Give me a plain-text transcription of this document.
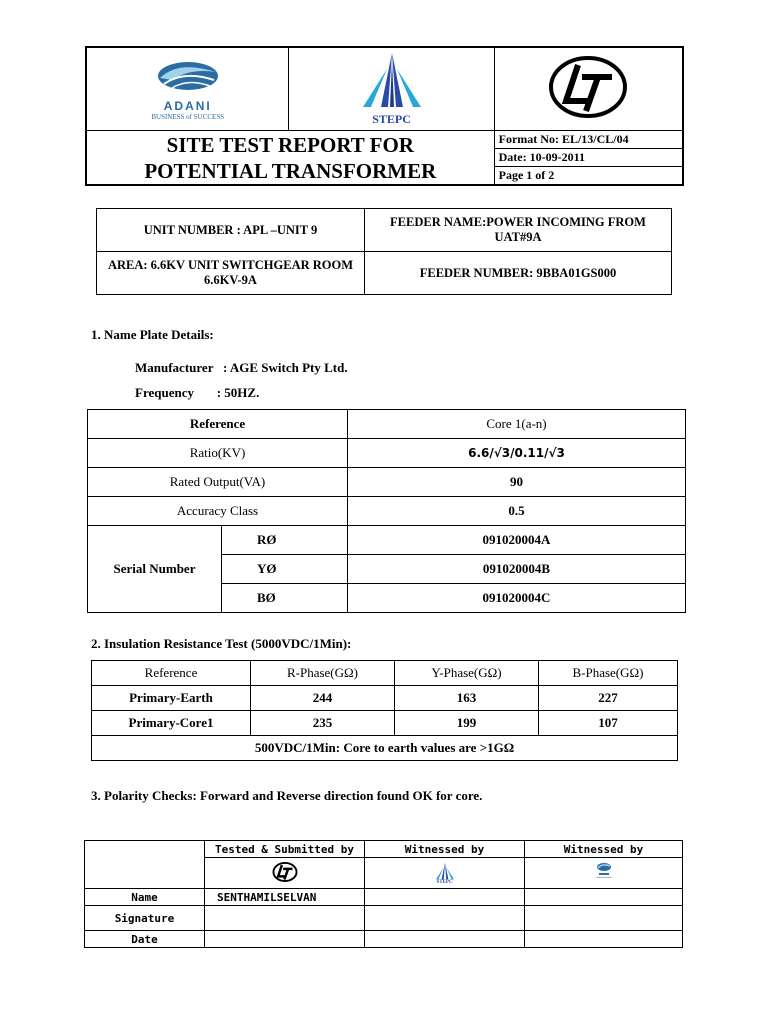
ADANI
BUSINESS of SUCCESS	STEPC

SITE TEST REPORT FOR
POTENTIAL TRANSFORMER		Format No: EL/13/CL/04
		Date: 10-09-2011
		Page 1 of 2
UNIT NUMBER : APL –UNIT 9	FEEDER NAME:POWER INCOMING FROM UAT#9A
AREA: 6.6KV UNIT SWITCHGEAR ROOM 6.6KV-9A	FEEDER NUMBER: 9BBA01GS000
1. Name Plate Details:
Manufacturer   : AGE Switch Pty Ltd.
Frequency       : 50HZ.
Reference		Core 1(a-n)
Ratio(KV)		6.6/√3/0.11/√3
Rated Output(VA)		90
Accuracy Class		0.5
Serial Number	RØ	091020004A
	YØ	091020004B
	BØ	091020004C
2. Insulation Resistance Test (5000VDC/1Min):
Reference	R-Phase(GΩ)	Y-Phase(GΩ)	B-Phase(GΩ)
Primary-Earth	244	163	227
Primary-Core1	235	199	107
500VDC/1Min: Core to earth values are >1GΩ			
3. Polarity Checks: Forward and Reverse direction found OK for core.
	Tested & Submitted by	Witnessed by	Witnessed by

STEPC

Name	SENTHAMILSELVAN		
Signature			
Date			
